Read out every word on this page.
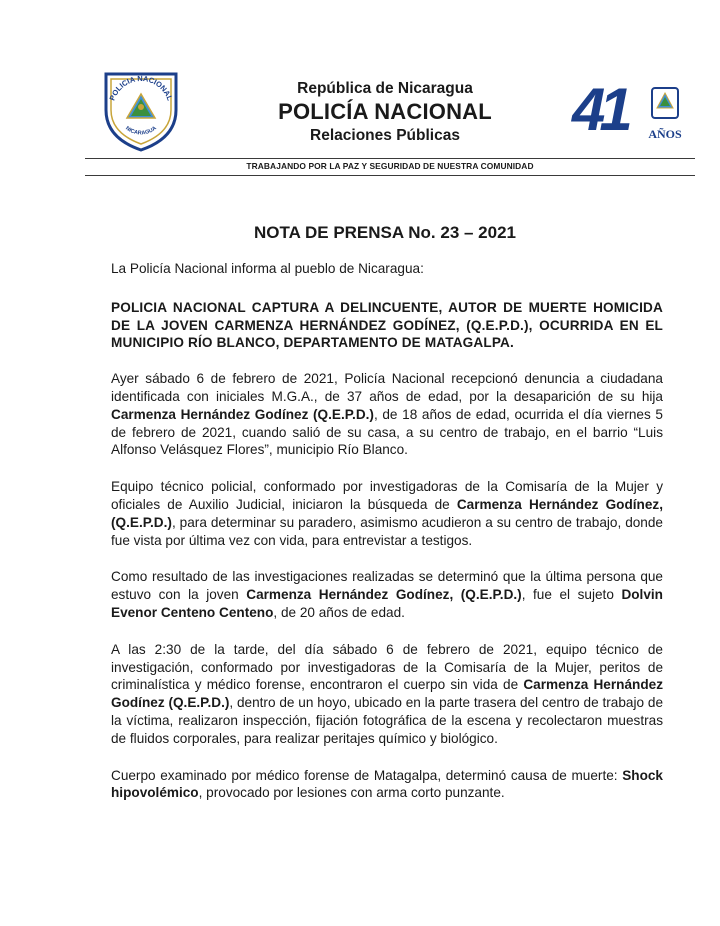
POLICIA NACIONAL
NICARAGUA
República de Nicaragua
POLICÍA NACIONAL
Relaciones Públicas	41	AÑOS
TRABAJANDO POR LA PAZ Y SEGURIDAD DE NUESTRA COMUNIDAD
NOTA DE PRENSA No. 23 – 2021

La Policía Nacional informa al pueblo de Nicaragua:

POLICIA NACIONAL CAPTURA A DELINCUENTE, AUTOR DE MUERTE HOMICIDA DE LA JOVEN CARMENZA HERNÁNDEZ GODÍNEZ, (Q.E.P.D.), OCURRIDA EN EL MUNICIPIO RÍO BLANCO, DEPARTAMENTO DE MATAGALPA.

Ayer sábado 6 de febrero de 2021, Policía Nacional recepcionó denuncia a ciudadana identificada con iniciales M.G.A., de 37 años de edad, por la desaparición de su hija Carmenza Hernández Godínez (Q.E.P.D.), de 18 años de edad, ocurrida el día viernes 5 de febrero de 2021, cuando salió de su casa, a su centro de trabajo, en el barrio “Luis Alfonso Velásquez Flores”, municipio Río Blanco.

Equipo técnico policial, conformado por investigadoras de la Comisaría de la Mujer y oficiales de Auxilio Judicial, iniciaron la búsqueda de Carmenza Hernández Godínez, (Q.E.P.D.), para determinar su paradero, asimismo acudieron a su centro de trabajo, donde fue vista por última vez con vida, para entrevistar a testigos.

Como resultado de las investigaciones realizadas se determinó que la última persona que estuvo con la joven Carmenza Hernández Godínez, (Q.E.P.D.), fue el sujeto Dolvin Evenor Centeno Centeno, de 20 años de edad.

A las 2:30 de la tarde, del día sábado 6 de febrero de 2021, equipo técnico de investigación, conformado por investigadoras de la Comisaría de la Mujer, peritos de criminalística y médico forense, encontraron el cuerpo sin vida de Carmenza Hernández Godínez (Q.E.P.D.), dentro de un hoyo, ubicado en la parte trasera del centro de trabajo de la víctima, realizaron inspección, fijación fotográfica de la escena y recolectaron muestras de fluidos corporales, para realizar peritajes químico y biológico.

Cuerpo examinado por médico forense de Matagalpa, determinó causa de muerte: Shock hipovolémico, provocado por lesiones con arma corto punzante.
